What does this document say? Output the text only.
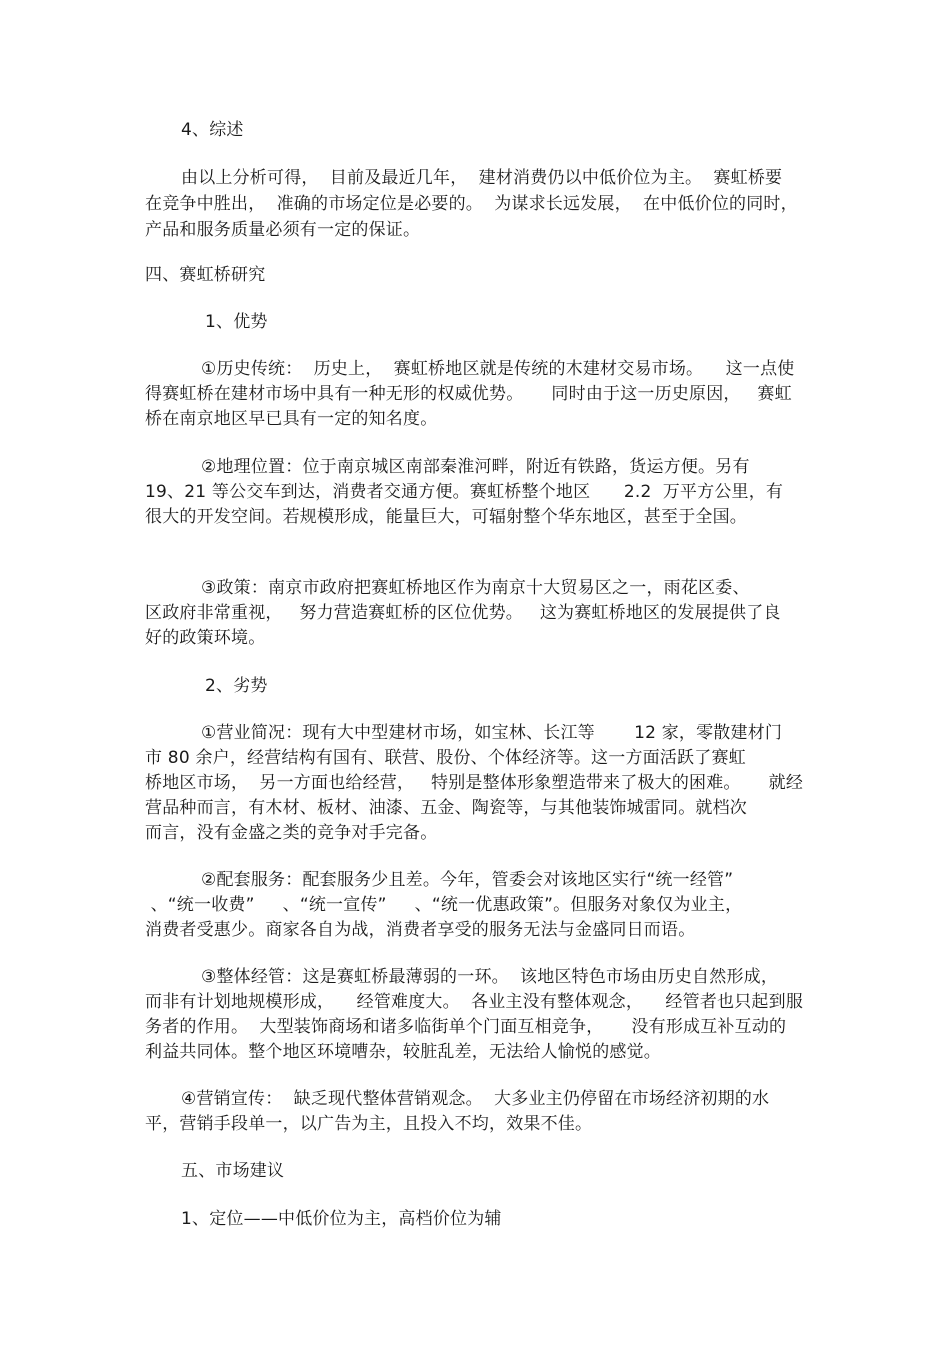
4、综述
由以上分析可得，  目前及最近几年，  建材消费仍以中低价位为主。  赛虹桥要
在竞争中胜出，  准确的市场定位是必要的。  为谋求长远发展，  在中低价位的同时，
产品和服务质量必须有一定的保证。
四、赛虹桥研究
1、优势
①历史传统：  历史上，  赛虹桥地区就是传统的木建材交易市场。    这一点使
得赛虹桥在建材市场中具有一种无形的权威优势。     同时由于这一历史原因，   赛虹
桥在南京地区早已具有一定的知名度。
②地理位置：位于南京城区南部秦淮河畔，附近有铁路，货运方便。另有
19、21 等公交车到达，消费者交通方便。赛虹桥整个地区      2.2  万平方公里，有
很大的开发空间。若规模形成，能量巨大，可辐射整个华东地区，甚至于全国。
③政策：南京市政府把赛虹桥地区作为南京十大贸易区之一，雨花区委、
区政府非常重视，   努力营造赛虹桥的区位优势。   这为赛虹桥地区的发展提供了良
好的政策环境。
2、劣势
①营业简况：现有大中型建材市场，如宝林、长江等       12 家，零散建材门
市 80 余户，经营结构有国有、联营、股份、个体经济等。这一方面活跃了赛虹
桥地区市场，  另一方面也给经营，   特别是整体形象塑造带来了极大的困难。     就经
营品种而言，有木材、板材、油漆、五金、陶瓷等，与其他装饰城雷同。就档次
而言，没有金盛之类的竞争对手完备。
②配套服务：配套服务少且差。今年，管委会对该地区实行“统一经管”
、“统一收费”     、“统一宣传”     、“统一优惠政策”。但服务对象仅为业主，
消费者受惠少。商家各自为战，消费者享受的服务无法与金盛同日而语。
③整体经管：这是赛虹桥最薄弱的一环。  该地区特色市场由历史自然形成，
而非有计划地规模形成，    经管难度大。  各业主没有整体观念，    经管者也只起到服
务者的作用。  大型装饰商场和诸多临街单个门面互相竞争，     没有形成互补互动的
利益共同体。整个地区环境嘈杂，较脏乱差，无法给人愉悦的感觉。
④营销宣传：  缺乏现代整体营销观念。  大多业主仍停留在市场经济初期的水
平，营销手段单一，以广告为主，且投入不均，效果不佳。
五、市场建议
1、定位——中低价位为主，高档价位为辅
